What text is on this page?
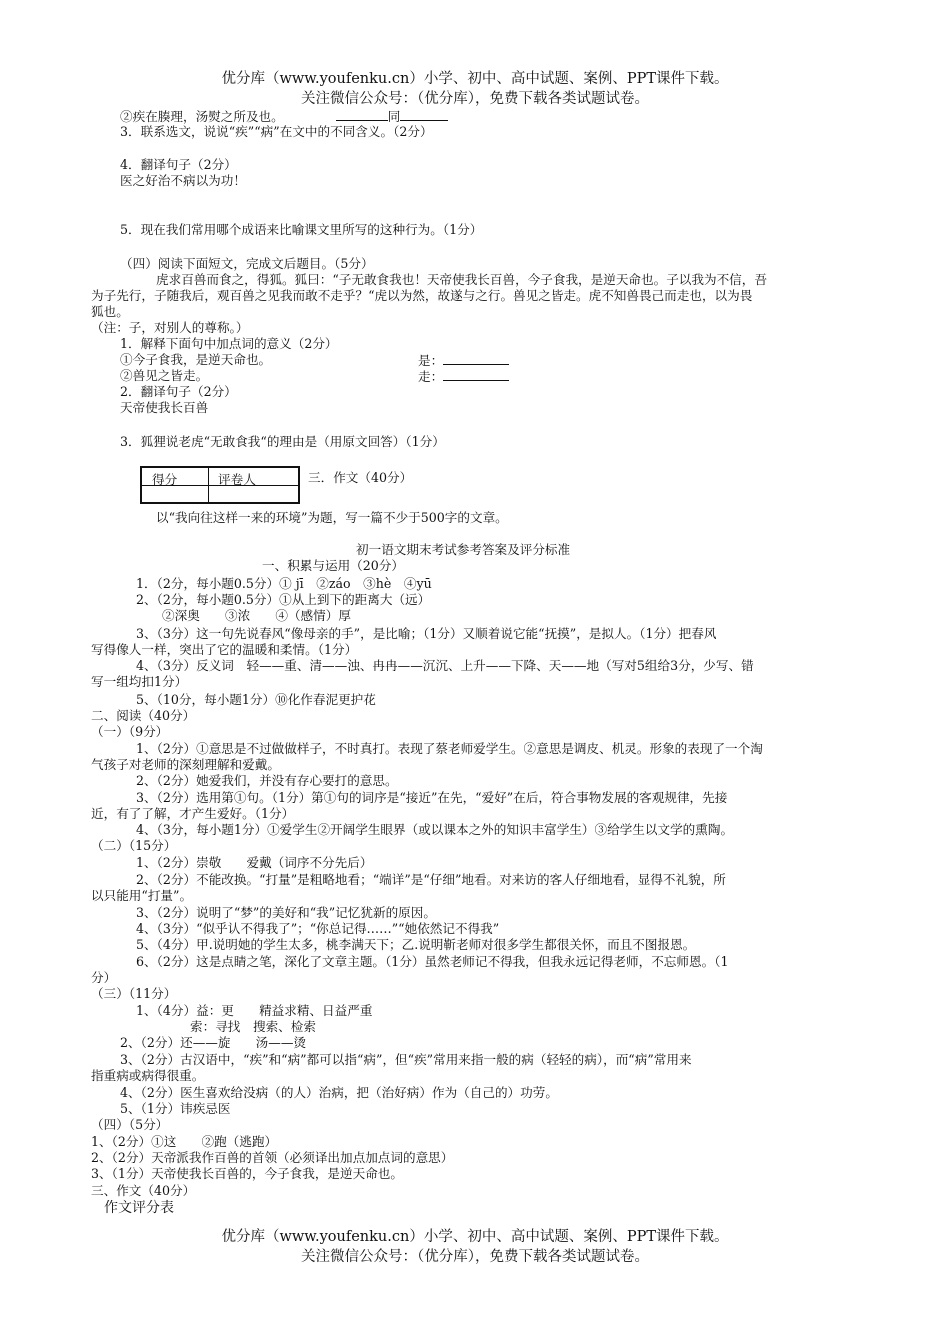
优分库（www.youfenku.cn）小学、初中、高中试题、案例、PPT课件下载。
关注微信公众号：（优分库），免费下载各类试题试卷。
②疾在腠理，汤熨之所及也。	同
3．联系选文，说说“疾”“病”在文中的不同含义。（2分）
4．翻译句子（2分）
医之好治不病以为功！
5．现在我们常用哪个成语来比喻课文里所写的这种行为。（1分）
（四）阅读下面短文，完成文后题目。（5分）
虎求百兽而食之，得狐。狐曰：“子无敢食我也！天帝使我长百兽，今子食我，是逆天命也。子以我为不信，吾
为子先行，子随我后，观百兽之见我而敢不走乎？“虎以为然，故遂与之行。兽见之皆走。虎不知兽畏己而走也，以为畏
狐也。
（注：子，对别人的尊称。）
1．解释下面句中加点词的意义（2分）
①今子食我，是逆天命也。	是：
②兽见之皆走。	走：
2．翻译句子（2分）
天帝使我长百兽
3．狐狸说老虎“无敢食我“的理由是（用原文回答）（1分）
得分	评卷人	三．作文（40分）
以“我向往这样一来的环境”为题，写一篇不少于500字的文章。
初一语文期末考试参考答案及评分标准
一、积累与运用（20分）
1．（2分，每小题0.5分）① jī　②záo　③hè　④yū
2、（2分，每小题0.5分）①从上到下的距离大（远）
②深奥　　③浓　　④（感情）厚
3、（3分）这一句先说春风“像母亲的手”，是比喻；（1分）又顺着说它能“抚摸”，是拟人。（1分）把春风
写得像人一样，突出了它的温暖和柔情。（1分）
4、（3分）反义词　轻——重、清——浊、冉冉——沉沉、上升——下降、天——地（写对5组给3分，少写、错
写一组均扣1分）
5、（10分，每小题1分）⑩化作春泥更护花
二、阅读（40分）
（一）（9分）
1、（2分）①意思是不过做做样子，不时真打。表现了蔡老师爱学生。②意思是调皮、机灵。形象的表现了一个淘
气孩子对老师的深刻理解和爱戴。
2、（2分）她爱我们，并没有存心要打的意思。
3、（2分）选用第①句。（1分）第①句的词序是“接近”在先，“爱好”在后，符合事物发展的客观规律，先接
近，有了了解，才产生爱好。（1分）
4、（3分，每小题1分）①爱学生②开阔学生眼界（或以课本之外的知识丰富学生）③给学生以文学的熏陶。
（二）（15分）
1、（2分）崇敬　　爱戴（词序不分先后）
2、（2分）不能改换。“打量”是粗略地看；“端详”是“仔细”地看。对来访的客人仔细地看，显得不礼貌，所
以只能用“打量”。
3、（2分）说明了“梦”的美好和“我”记忆犹新的原因。
4、（3分）“似乎认不得我了”；“你总记得……”“她依然记不得我”
5、（4分）甲.说明她的学生太多，桃李满天下；乙.说明靳老师对很多学生都很关怀，而且不图报恩。
6、（2分）这是点睛之笔，深化了文章主题。（1分）虽然老师记不得我，但我永远记得老师，不忘师恩。（1
分）
（三）（11分）
1、（4分）益：更　　精益求精、日益严重
索：寻找　搜索、检索
2、（2分）还——旋　　汤——烫
3、（2分）古汉语中，“疾”和“病”都可以指“病”，但“疾”常用来指一般的病（轻轻的病），而“病”常用来
指重病或病得很重。
4、（2分）医生喜欢给没病（的人）治病，把（治好病）作为（自己的）功劳。
5、（1分）讳疾忌医
（四）（5分）
1、（2分）①这　　②跑（逃跑）
2、（2分）天帝派我作百兽的首领（必须译出加点加点词的意思）
3、（1分）天帝使我长百兽的，今子食我，是逆天命也。
三、作文（40分）
作文评分表
优分库（www.youfenku.cn）小学、初中、高中试题、案例、PPT课件下载。
关注微信公众号：（优分库），免费下载各类试题试卷。
